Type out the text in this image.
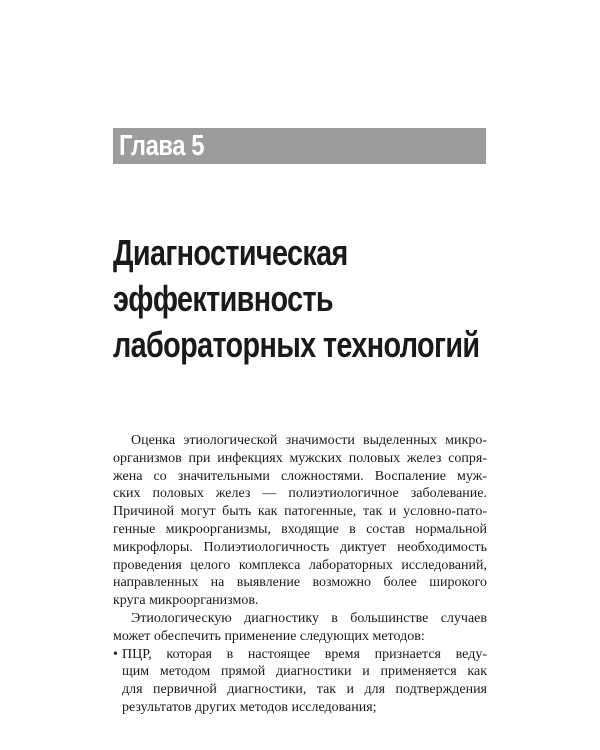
Глава 5
Диагностическая
эффективность
лабораторных технологий
Оценка этиологической значимости выделенных микро-
организмов при инфекциях мужских половых желез сопря-
жена со значительными сложностями. Воспаление муж-
ских половых желез — полиэтиологичное заболевание.
Причиной могут быть как патогенные, так и условно-пато-
генные микроорганизмы, входящие в состав нормальной
микрофлоры. Полиэтиологичность диктует необходимость
проведения целого комплекса лабораторных исследований,
направленных на выявление возможно более широкого
круга микроорганизмов.
Этиологическую диагностику в большинстве случаев
может обеспечить применение следующих методов:
• ПЦР, которая в настоящее время признается веду-
щим методом прямой диагностики и применяется как
для первичной диагностики, так и для подтверждения
результатов других методов исследования;
